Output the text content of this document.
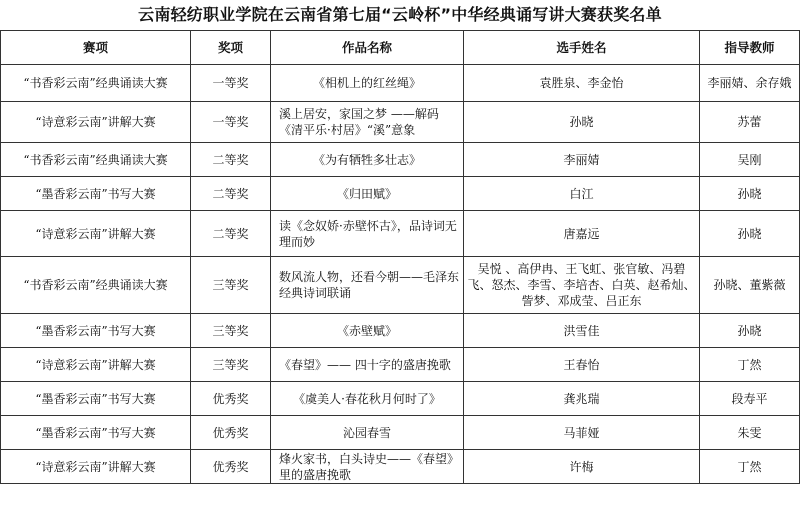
云南轻纺职业学院在云南省第七届“云岭杯”中华经典诵写讲大赛获奖名单
赛项	奖项	作品名称	选手姓名	指导教师
“书香彩云南”经典诵读大赛	一等奖	《相机上的红丝绳》	袁胜泉、李金怡	李丽婧、余存娥
“诗意彩云南”讲解大赛	一等奖	溪上居安，家国之梦 ——解码《清平乐·村居》“溪”意象	孙晓	苏蕾
“书香彩云南”经典诵读大赛	二等奖	《为有牺牲多壮志》	李丽婧	吴刚
“墨香彩云南”书写大赛	二等奖	《归田赋》	白江	孙晓
“诗意彩云南”讲解大赛	二等奖	读《念奴娇·赤壁怀古》，品诗词无理而妙	唐嘉远	孙晓
“书香彩云南”经典诵读大赛	三等奖	数风流人物，还看今朝——毛泽东经典诗词联诵	吴悦 、高伊冉、王飞虹、张官敏、冯碧飞、怒杰、李雪、李培杏、白英、赵希灿、訾梦、邓成莹、吕正东	孙晓、董紫薇
“墨香彩云南”书写大赛	三等奖	《赤壁赋》	洪雪佳	孙晓
“诗意彩云南”讲解大赛	三等奖	《春望》—— 四十字的盛唐挽歌	王春怡	丁然
“墨香彩云南”书写大赛	优秀奖	《虞美人·春花秋月何时了》	龚兆瑞	段寿平
“墨香彩云南”书写大赛	优秀奖	沁园春雪	马菲娅	朱雯
“诗意彩云南”讲解大赛	优秀奖	烽火家书，白头诗史——《春望》里的盛唐挽歌	许梅	丁然
